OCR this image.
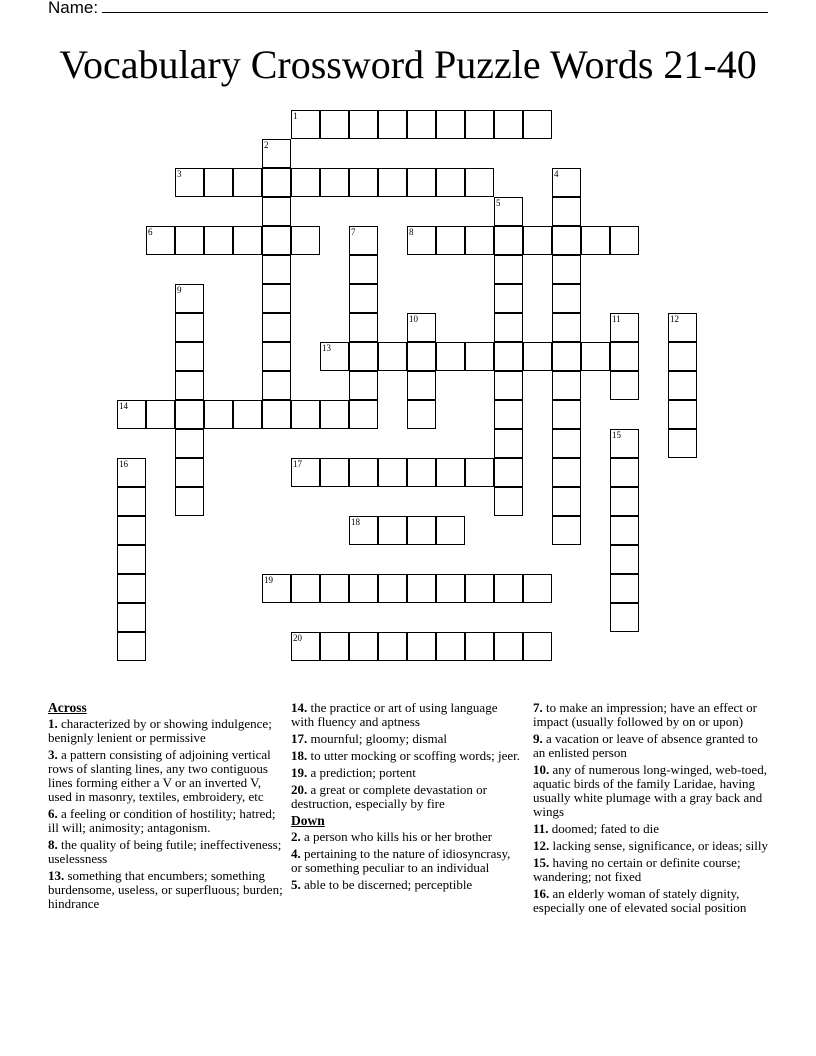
Name:
Vocabulary Crossword Puzzle Words 21-40
1
2
3	4
5
6	7	8
9
10	11	12
13
14
15
16	17
18
19
20
Across
1. characterized by or showing indulgence; benignly lenient or permissive
3. a pattern consisting of adjoining vertical rows of slanting lines, any two contiguous lines forming either a V or an inverted V, used in masonry, textiles, embroidery, etc
6. a feeling or condition of hostility; hatred; ill will; animosity; antagonism.
8. the quality of being futile; ineffectiveness; uselessness
13. something that encumbers; something burdensome, useless, or superfluous; burden; hindrance
14. the practice or art of using language with fluency and aptness
17. mournful; gloomy; dismal
18. to utter mocking or scoffing words; jeer.
19. a prediction; portent
20. a great or complete devastation or destruction, especially by fire
Down
2. a person who kills his or her brother
4. pertaining to the nature of idiosyncrasy, or something peculiar to an individual
5. able to be discerned; perceptible
7. to make an impression; have an effect or impact (usually followed by on or upon)
9. a vacation or leave of absence granted to an enlisted person
10. any of numerous long-winged, web-toed, aquatic birds of the family Laridae, having usually white plumage with a gray back and wings
11. doomed; fated to die
12. lacking sense, significance, or ideas; silly
15. having no certain or definite course; wandering; not fixed
16. an elderly woman of stately dignity, especially one of elevated social position
